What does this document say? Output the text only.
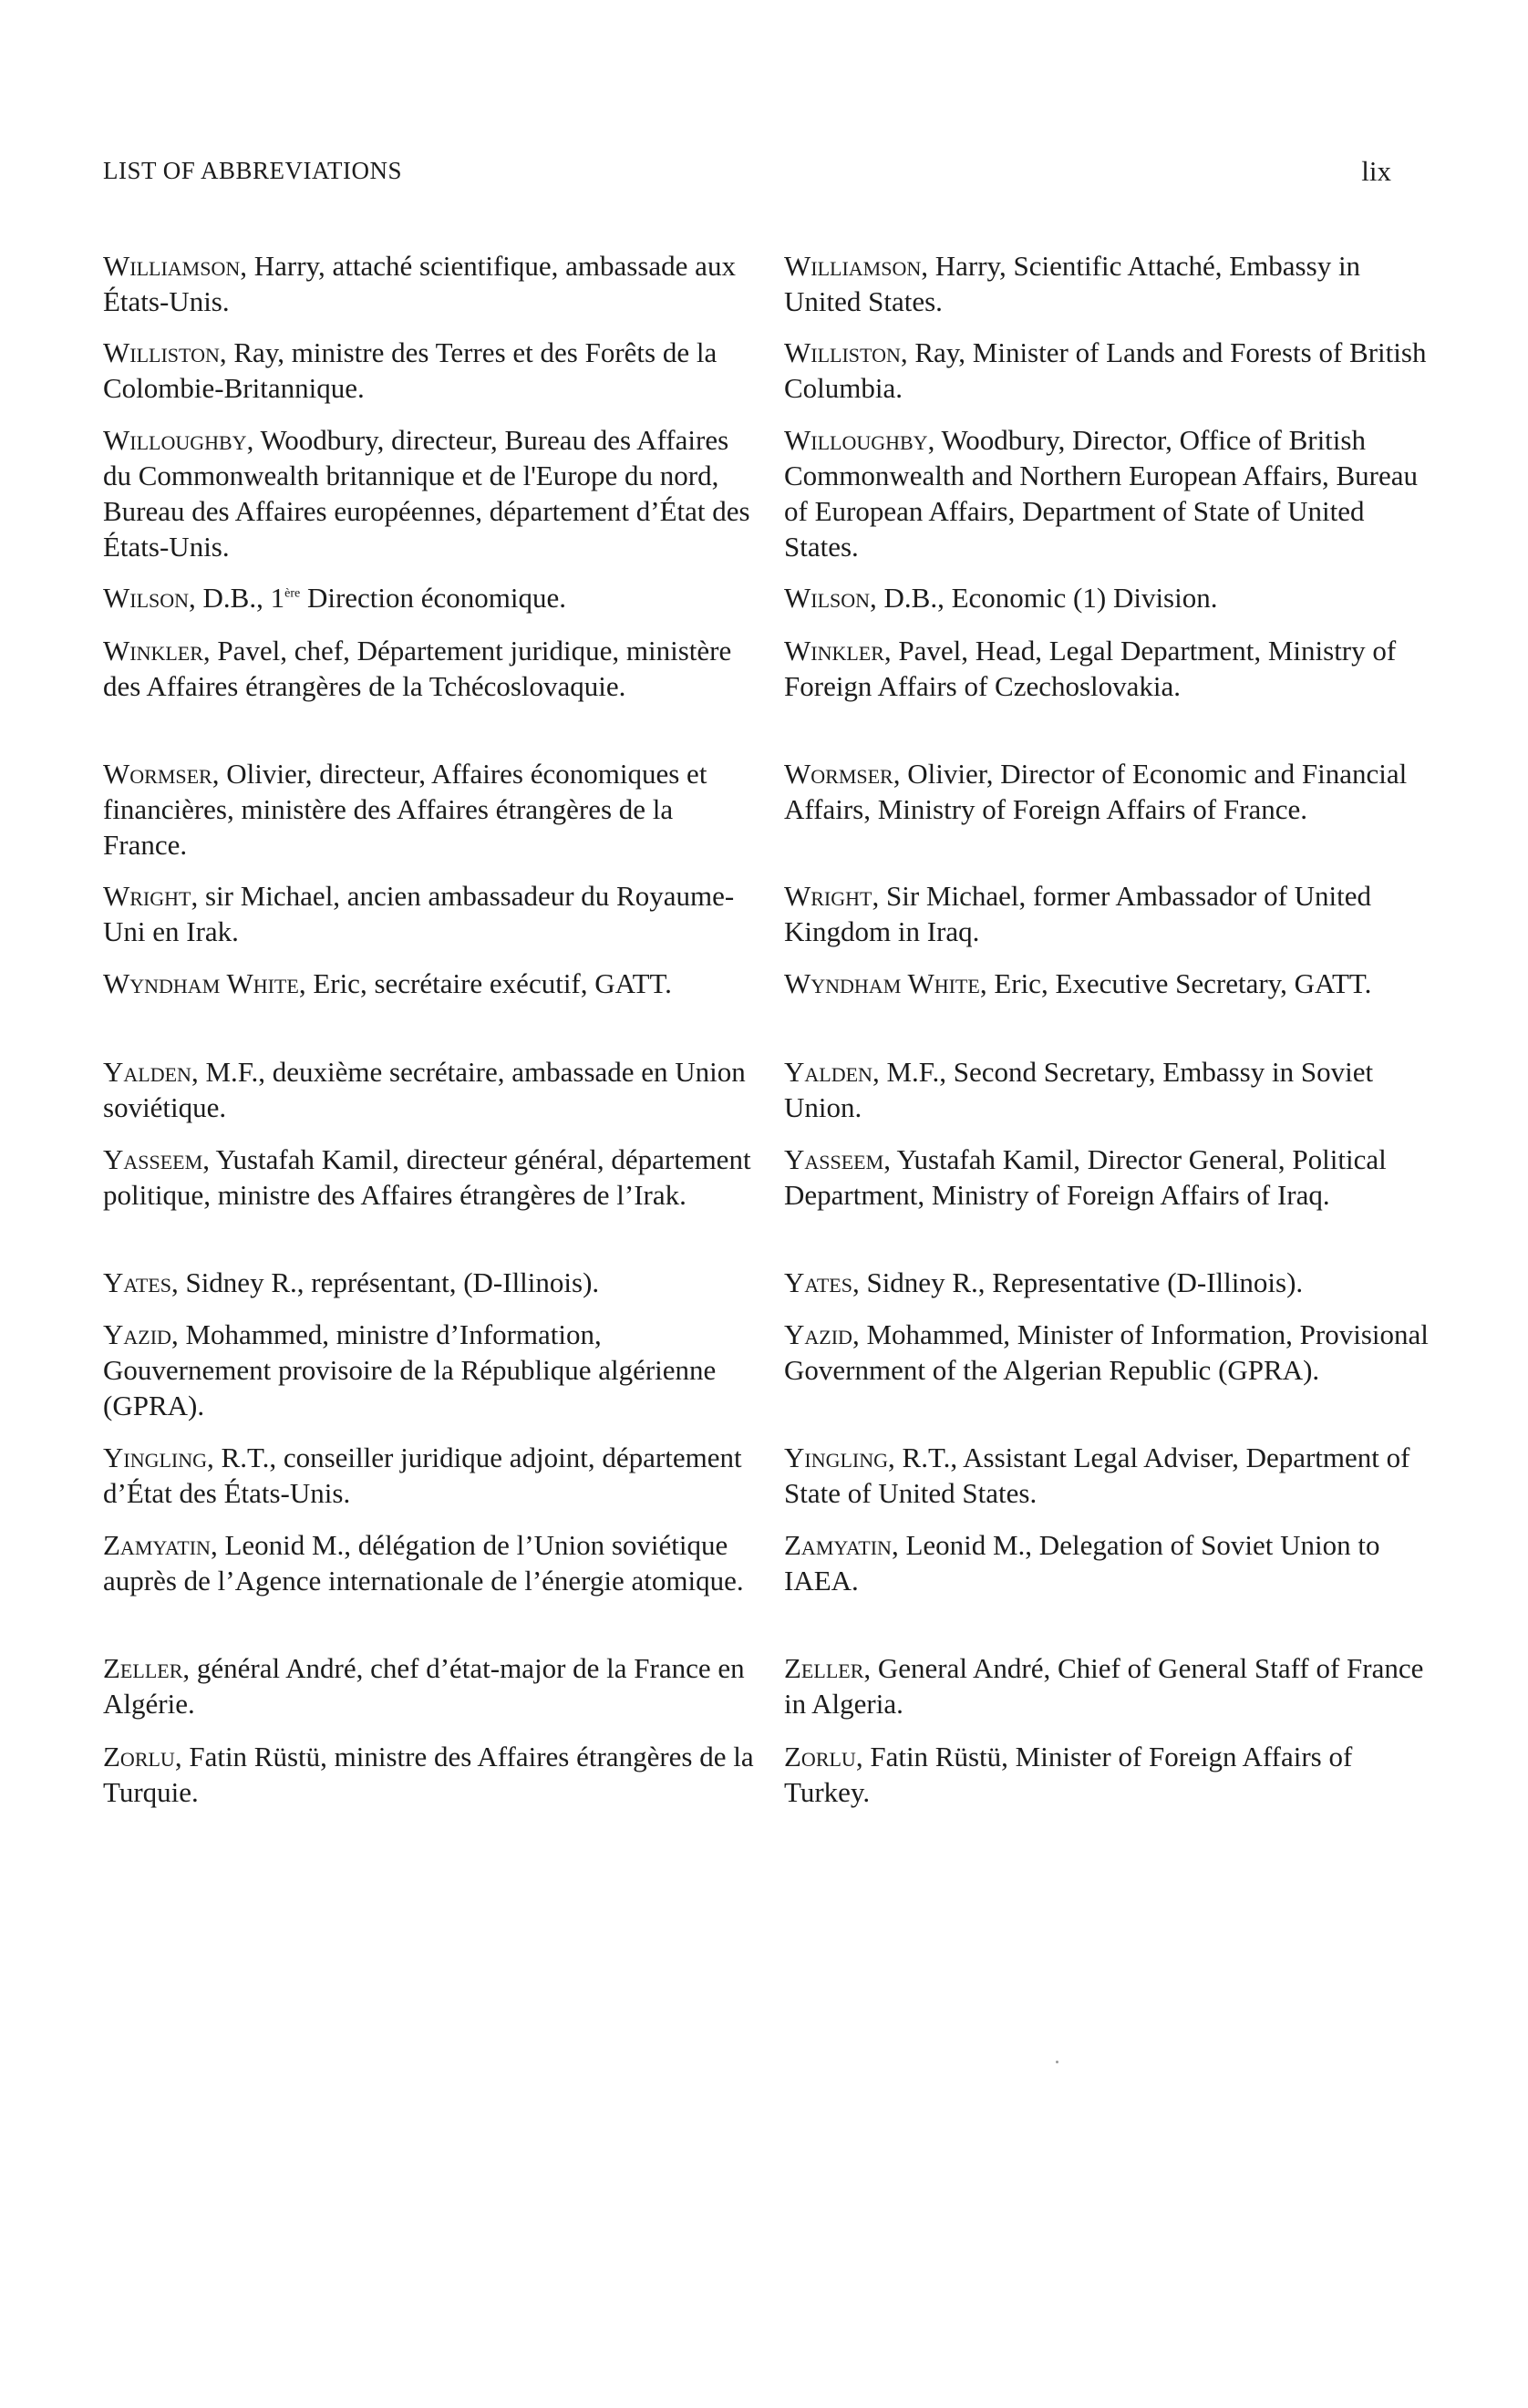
LIST OF ABBREVIATIONS	lix
Williamson, Harry, attaché scientifique, ambassade aux États-Unis.
Williston, Ray, ministre des Terres et des Forêts de la Colombie-Britannique.
Willoughby, Woodbury, directeur, Bureau des Affaires du Commonwealth britannique et de l'Europe du nord, Bureau des Affaires européennes, département d’État des États-Unis.
Wilson, D.B., 1ère Direction économique.
Winkler, Pavel, chef, Département juridique, ministère des Affaires étrangères de la Tchécoslovaquie.
Wormser, Olivier, directeur, Affaires économiques et financières, ministère des Affaires étrangères de la France.
Wright, sir Michael, ancien ambassadeur du Royaume-Uni en Irak.
Wyndham White, Eric, secrétaire exécutif, GATT.
Yalden, M.F., deuxième secrétaire, ambassade en Union soviétique.
Yasseem, Yustafah Kamil, directeur général, département politique, ministre des Affaires étrangères de l’Irak.
Yates, Sidney R., représentant, (D-Illinois).
Yazid, Mohammed, ministre d’Information, Gouvernement provisoire de la République algérienne (GPRA).
Yingling, R.T., conseiller juridique adjoint, département d’État des États-Unis.
Zamyatin, Leonid M., délégation de l’Union soviétique auprès de l’Agence internationale de l’énergie atomique.
Zeller, général André, chef d’état-major de la France en Algérie.
Zorlu, Fatin Rüstü, ministre des Affaires étrangères de la Turquie.
Williamson, Harry, Scientific Attaché, Embassy in United States.
Williston, Ray, Minister of Lands and Forests of British Columbia.
Willoughby, Woodbury, Director, Office of British Commonwealth and Northern European Affairs, Bureau of European Affairs, Department of State of United States.
Wilson, D.B., Economic (1) Division.
Winkler, Pavel, Head, Legal Department, Ministry of Foreign Affairs of Czechoslovakia.
Wormser, Olivier, Director of Economic and Financial Affairs, Ministry of Foreign Affairs of France.
Wright, Sir Michael, former Ambassador of United Kingdom in Iraq.
Wyndham White, Eric, Executive Secretary, GATT.
Yalden, M.F., Second Secretary, Embassy in Soviet Union.
Yasseem, Yustafah Kamil, Director General, Political Department, Ministry of Foreign Affairs of Iraq.
Yates, Sidney R., Representative (D-Illinois).
Yazid, Mohammed, Minister of Information, Provisional Government of the Algerian Republic (GPRA).
Yingling, R.T., Assistant Legal Adviser, Department of State of United States.
Zamyatin, Leonid M., Delegation of Soviet Union to IAEA.
Zeller, General André, Chief of General Staff of France in Algeria.
Zorlu, Fatin Rüstü, Minister of Foreign Affairs of Turkey.
